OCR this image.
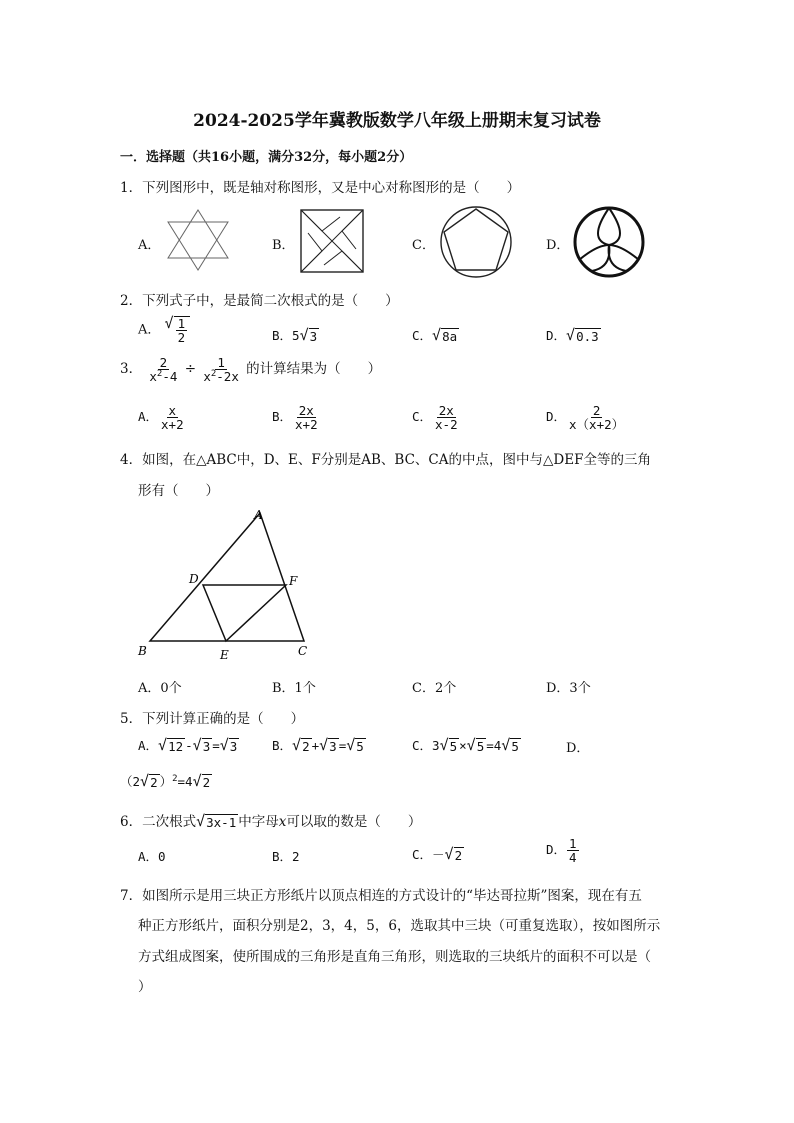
2024-2025学年冀教版数学八年级上册期末复习试卷
一．选择题（共16小题，满分32分，每小题2分）
1．下列图形中，既是轴对称图形，又是中心对称图形的是（　　）
A．	B．	C．	D．
2．下列式子中，是最简二次根式的是（　　）
A． √ $\frac{1}{2}$	B．5 √ 3	C． √ 8a	D． √ 0.3
3． $\frac{2}{x^2-4} \div \frac{1}{x^2-2x}$ 的计算结果为（　　）
A． $\frac{x}{x+2}$	B． $\frac{2x}{x+2}$	C． $\frac{2x}{x-2}$	D． $\frac{2}{x(x+2)}$
4．如图，在△ABC中，D、E、F分别是AB、BC、CA的中点，图中与△DEF全等的三角
形有（　　）
A
B	C
D
E
F
A．0个	B．1个	C．2个	D．3个
5．下列计算正确的是（　　）
A． √ 12 - √ 3 = √ 3	B． √ 2 + √ 3 = √ 5	C．3 √ 5 × √ 5 =4 √ 5	D．
（2 √ 2 ）$^2$=4 √ 2
6．二次根式 √ 3x-1 中字母x可以取的数是（　　）
A．0	B．2	C．－ √ 2	D． $\frac{1}{4}$
7．如图所示是用三块正方形纸片以顶点相连的方式设计的“毕达哥拉斯”图案，现在有五
种正方形纸片，面积分别是2，3，4，5，6，选取其中三块（可重复选取），按如图所示
方式组成图案，使所围成的三角形是直角三角形，则选取的三块纸片的面积不可以是（
）
